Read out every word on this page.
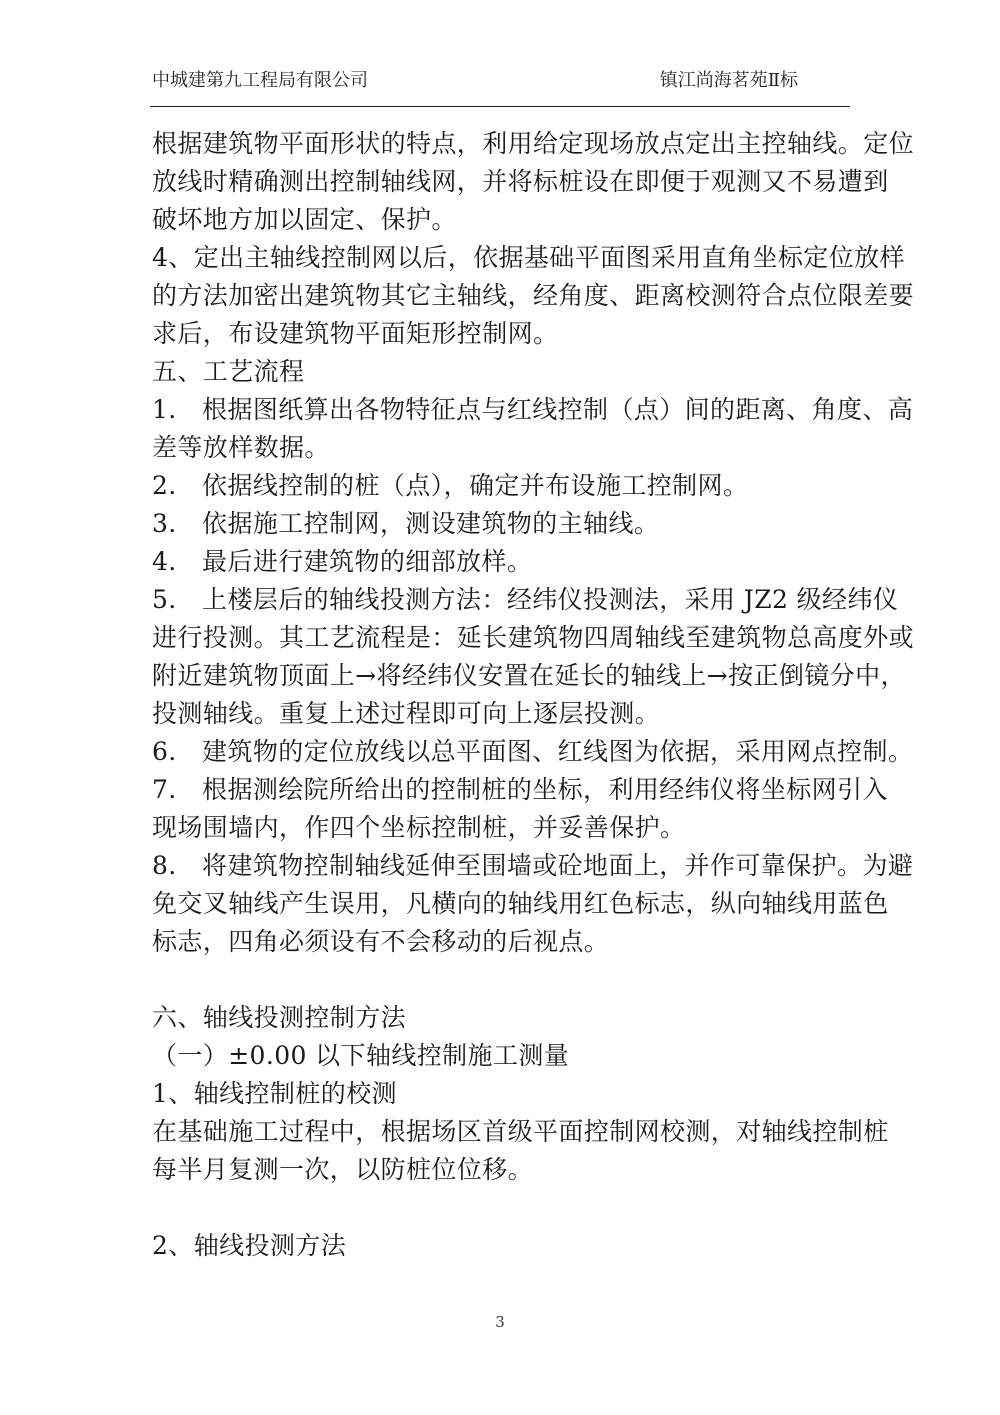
中城建第九工程局有限公司	镇江尚海茗苑Ⅱ标

根据建筑物平面形状的特点，利用给定现场放点定出主控轴线。定位

放线时精确测出控制轴线网，并将标桩设在即便于观测又不易遭到

破坏地方加以固定、保护。

4、定出主轴线控制网以后，依据基础平面图采用直角坐标定位放样

的方法加密出建筑物其它主轴线，经角度、距离校测符合点位限差要

求后，布设建筑物平面矩形控制网。

五、工艺流程

1.　根据图纸算出各物特征点与红线控制（点）间的距离、角度、高

差等放样数据。

2.　依据线控制的桩（点），确定并布设施工控制网。

3.　依据施工控制网，测设建筑物的主轴线。

4.　最后进行建筑物的细部放样。

5.　上楼层后的轴线投测方法：经纬仪投测法，采用 JZ2 级经纬仪

进行投测。其工艺流程是：延长建筑物四周轴线至建筑物总高度外或

附近建筑物顶面上→将经纬仪安置在延长的轴线上→按正倒镜分中，

投测轴线。重复上述过程即可向上逐层投测。

6.　建筑物的定位放线以总平面图、红线图为依据，采用网点控制。

7.　根据测绘院所给出的控制桩的坐标，利用经纬仪将坐标网引入

现场围墙内，作四个坐标控制桩，并妥善保护。

8.　将建筑物控制轴线延伸至围墙或砼地面上，并作可靠保护。为避

免交叉轴线产生误用，凡横向的轴线用红色标志，纵向轴线用蓝色

标志，四角必须设有不会移动的后视点。

六、轴线投测控制方法

（一）±0.00 以下轴线控制施工测量

1、轴线控制桩的校测

在基础施工过程中，根据场区首级平面控制网校测，对轴线控制桩

每半月复测一次，以防桩位位移。

2、轴线投测方法

3
